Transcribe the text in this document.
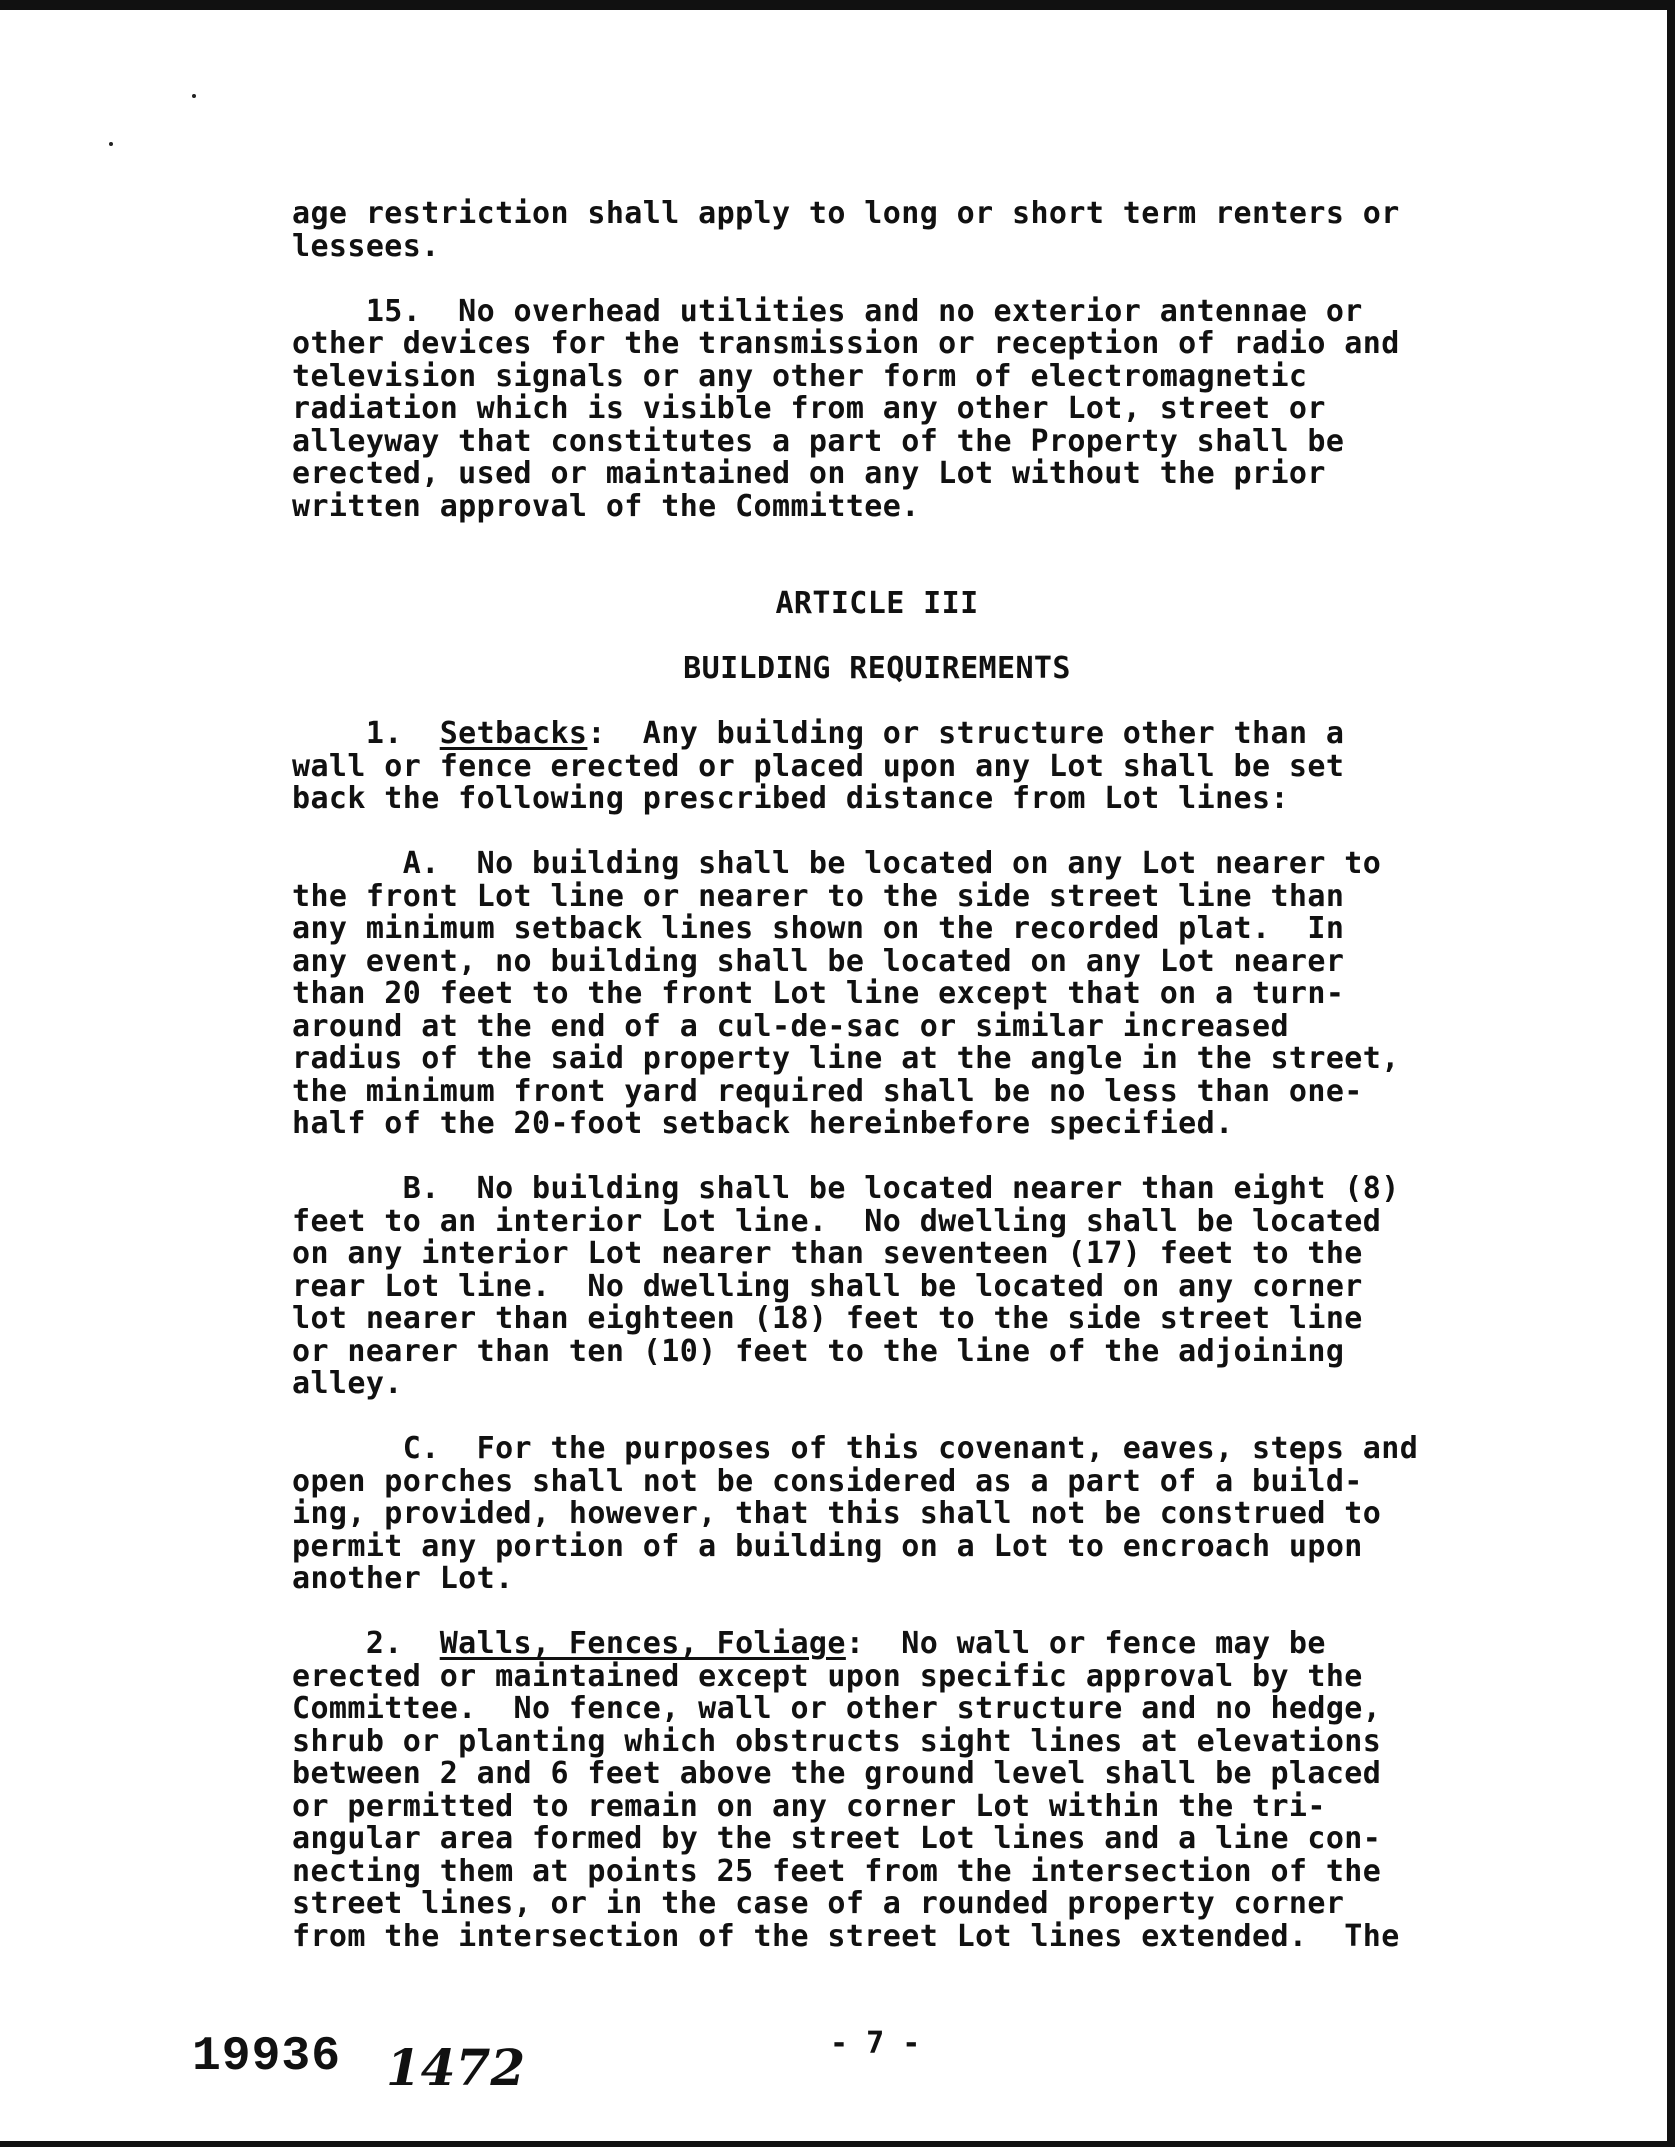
age restriction shall apply to long or short term renters or
lessees.
15.  No overhead utilities and no exterior antennae or
other devices for the transmission or reception of radio and
television signals or any other form of electromagnetic
radiation which is visible from any other Lot, street or
alleyway that constitutes a part of the Property shall be
erected, used or maintained on any Lot without the prior
written approval of the Committee.
ARTICLE III
BUILDING REQUIREMENTS
1.  Setbacks:  Any building or structure other than a
wall or fence erected or placed upon any Lot shall be set
back the following prescribed distance from Lot lines:
A.  No building shall be located on any Lot nearer to
the front Lot line or nearer to the side street line than
any minimum setback lines shown on the recorded plat.  In
any event, no building shall be located on any Lot nearer
than 20 feet to the front Lot line except that on a turn-
around at the end of a cul-de-sac or similar increased
radius of the said property line at the angle in the street,
the minimum front yard required shall be no less than one-
half of the 20-foot setback hereinbefore specified.
B.  No building shall be located nearer than eight (8)
feet to an interior Lot line.  No dwelling shall be located
on any interior Lot nearer than seventeen (17) feet to the
rear Lot line.  No dwelling shall be located on any corner
lot nearer than eighteen (18) feet to the side street line
or nearer than ten (10) feet to the line of the adjoining
alley.
C.  For the purposes of this covenant, eaves, steps and
open porches shall not be considered as a part of a build-
ing, provided, however, that this shall not be construed to
permit any portion of a building on a Lot to encroach upon
another Lot.
2.  Walls, Fences, Foliage:  No wall or fence may be
erected or maintained except upon specific approval by the
Committee.  No fence, wall or other structure and no hedge,
shrub or planting which obstructs sight lines at elevations
between 2 and 6 feet above the ground level shall be placed
or permitted to remain on any corner Lot within the tri-
angular area formed by the street Lot lines and a line con-
necting them at points 25 feet from the intersection of the
street lines, or in the case of a rounded property corner
from the intersection of the street Lot lines extended.  The
- 7 -
19936 1472
